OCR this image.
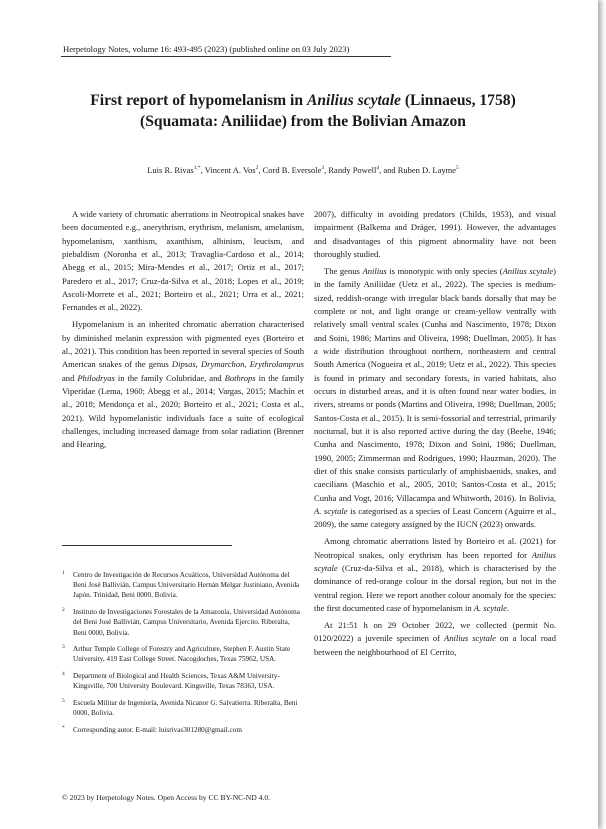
Herpetology Notes, volume 16: 493-495 (2023) (published online on 03 July 2023)
First report of hypomelanism in Anilius scytale (Linnaeus, 1758)
(Squamata: Aniliidae) from the Bolivian Amazon
Luis R. Rivas$^{1,*}$, Vincent A. Vos$^2$, Cord B. Eversole$^3$, Randy Powell$^4$, and Ruben D. Layme$^5$

A wide variety of chromatic aberrations in Neotropical snakes have been documented e.g., anerythrism, erythrism, melanism, amelanism, hypomelanism, xanthism, axanthism, albinism, leucism, and piebaldism (Noronha et al., 2013; Travaglia-Cardoso et al., 2014; Abegg et al., 2015; Mira-Mendes et al., 2017; Ortiz et al., 2017; Paredero et al., 2017; Cruz-da-Silva et al., 2018; Lopes et al., 2019; Ascoli-Morrete et al., 2021; Borteiro et al., 2021; Urra et al., 2021; Fernandes et al., 2022).

Hypomelanism is an inherited chromatic aberration characterised by diminished melanin expression with pigmented eyes (Borteiro et al., 2021). This condition has been reported in several species of South American snakes of the genus Dipsas, Drymarchon, Erythrolamprus and Philodryas in the family Colubridae, and Bothrops in the family Viperidae (Lema, 1960; Abegg et al., 2014; Vargas, 2015; Machín et al., 2018; Mendonça et al., 2020; Borteiro et al., 2021; Costa et al., 2021). Wild hypomelanistic individuals face a suite of ecological challenges, including increased damage from solar radiation (Brenner and Hearing,

1 Centro de Investigación de Recursos Acuáticos, Universidad Autónoma del Beni José Ballivián, Campus Universitario Hernán Melgar Justiniano, Avenida Japón. Trinidad, Beni 0000, Bolivia.
2 Instituto de Investigaciones Forestales de la Amazonía, Universidad Autónoma del Beni José Ballivián, Campus Universitario, Avenida Ejercito. Riberalta, Beni 0000, Bolivia.
3 Arthur Temple College of Forestry and Agriculture, Stephen F. Austin State University, 419 East College Street. Nacogdoches, Texas 75962, USA.
4 Department of Biological and Health Sciences, Texas A&M University-Kingsville, 700 University Boulevard. Kingsville, Texas 78363, USA.
5 Escuela Militar de Ingeniería, Avenida Nicanor G. Salvatierra. Riberalta, Beni 0000, Bolivia.
* Corresponding autor. E-mail: luisrivas301280@gmail.com
© 2023 by Herpetology Notes. Open Access by CC BY-NC-ND 4.0.

2007), difficulty in avoiding predators (Childs, 1953), and visual impairment (Balkema and Dräger, 1991). However, the advantages and disadvantages of this pigment abnormality have not been thoroughly studied.

The genus Anilius is monotypic with only species (Anilius scytale) in the family Aniliidae (Uetz et al., 2022). The species is medium-sized, reddish-orange with irregular black bands dorsally that may be complete or not, and light orange or cream-yellow ventrally with relatively small ventral scales (Cunha and Nascimento, 1978; Dixon and Soini, 1986; Martins and Oliveira, 1998; Duellman, 2005). It has a wide distribution throughout northern, northeastern and central South America (Nogueira et al., 2019; Uetz et al., 2022). This species is found in primary and secondary forests, in varied habitats, also occurs in disturbed areas, and it is often found near water bodies, in rivers, streams or ponds (Martins and Oliveira, 1998; Duellman, 2005; Santos-Costa et al., 2015). It is semi-fossorial and terrestrial, primarily nocturnal, but it is also reported active during the day (Beebe, 1946; Cunha and Nascimento, 1978; Dixon and Soini, 1986; Duellman, 1990, 2005; Zimmerman and Rodrigues, 1990; Hauzman, 2020). The diet of this snake consists particularly of amphisbaenids, snakes, and caecilians (Maschio et al., 2005, 2010; Santos-Costa et al., 2015; Cunha and Vogt, 2016; Villacampa and Whitworth, 2016). In Bolivia, A. scytale is categorised as a species of Least Concern (Aguirre et al., 2009), the same category assigned by the IUCN (2023) onwards.

Among chromatic aberrations listed by Borteiro et al. (2021) for Neotropical snakes, only erythrism has been reported for Anilius scytale (Cruz-da-Silva et al., 2018), which is characterised by the dominance of red-orange colour in the dorsal region, but not in the ventral region. Here we report another colour anomaly for the species: the first documented case of hypomelanism in A. scytale.

At 21:51 h on 29 October 2022, we collected (permit No. 0120/2022) a juvenile specimen of Anilius scytale on a local road between the neighbourhood of El Cerrito,
